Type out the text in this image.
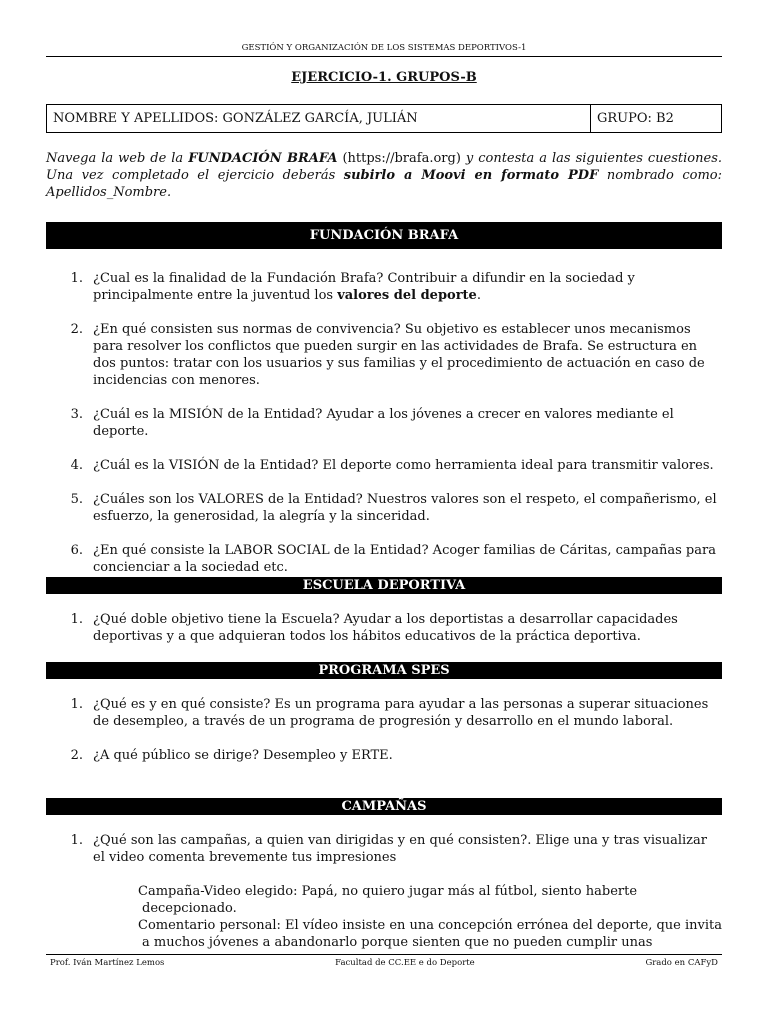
GESTIÓN Y ORGANIZACIÓN DE LOS SISTEMAS DEPORTIVOS-1
EJERCICIO-1. GRUPOS-B
NOMBRE Y APELLIDOS: GONZÁLEZ GARCÍA, JULIÁN	GRUPO: B2
Navega la web de la FUNDACIÓN BRAFA (https://brafa.org) y contesta a las siguientes cuestiones. Una vez completado el ejercicio deberás subirlo a Moovi en formato PDF nombrado como: Apellidos_Nombre.
FUNDACIÓN BRAFA
1. ¿Cual es la finalidad de la Fundación Brafa? Contribuir a difundir en la sociedad y principalmente entre la juventud los valores del deporte.
2. ¿En qué consisten sus normas de convivencia? Su objetivo es establecer unos mecanismos para resolver los conflictos que pueden surgir en las actividades de Brafa. Se estructura en dos puntos: tratar con los usuarios y sus familias y el procedimiento de actuación en caso de incidencias con menores.
3. ¿Cuál es la MISIÓN de la Entidad? Ayudar a los jóvenes a crecer en valores mediante el deporte.
4. ¿Cuál es la VISIÓN de la Entidad? El deporte como herramienta ideal para transmitir valores.
5. ¿Cuáles son los VALORES de la Entidad? Nuestros valores son el respeto, el compañerismo, el esfuerzo, la generosidad, la alegría y la sinceridad.
6. ¿En qué consiste la LABOR SOCIAL de la Entidad? Acoger familias de Cáritas, campañas para concienciar a la sociedad etc.
ESCUELA DEPORTIVA
1. ¿Qué doble objetivo tiene la Escuela? Ayudar a los deportistas a desarrollar capacidades deportivas y a que adquieran todos los hábitos educativos de la práctica deportiva.
PROGRAMA SPES
1. ¿Qué es y en qué consiste? Es un programa para ayudar a las personas a superar situaciones de desempleo, a través de un programa de progresión y desarrollo en el mundo laboral.
2. ¿A qué público se dirige? Desempleo y ERTE.
CAMPAÑAS
1. ¿Qué son las campañas, a quien van dirigidas y en qué consisten?. Elige una y tras visualizar el video comenta brevemente tus impresiones
Campaña-Video elegido: Papá, no quiero jugar más al fútbol, siento haberte
decepcionado.
Comentario personal: El vídeo insiste en una concepción errónea del deporte, que invita
a muchos jóvenes a abandonarlo porque sienten que no pueden cumplir unas
Prof. Iván Martínez Lemos	Facultad de CC.EE e do Deporte	Grado en CAFyD
